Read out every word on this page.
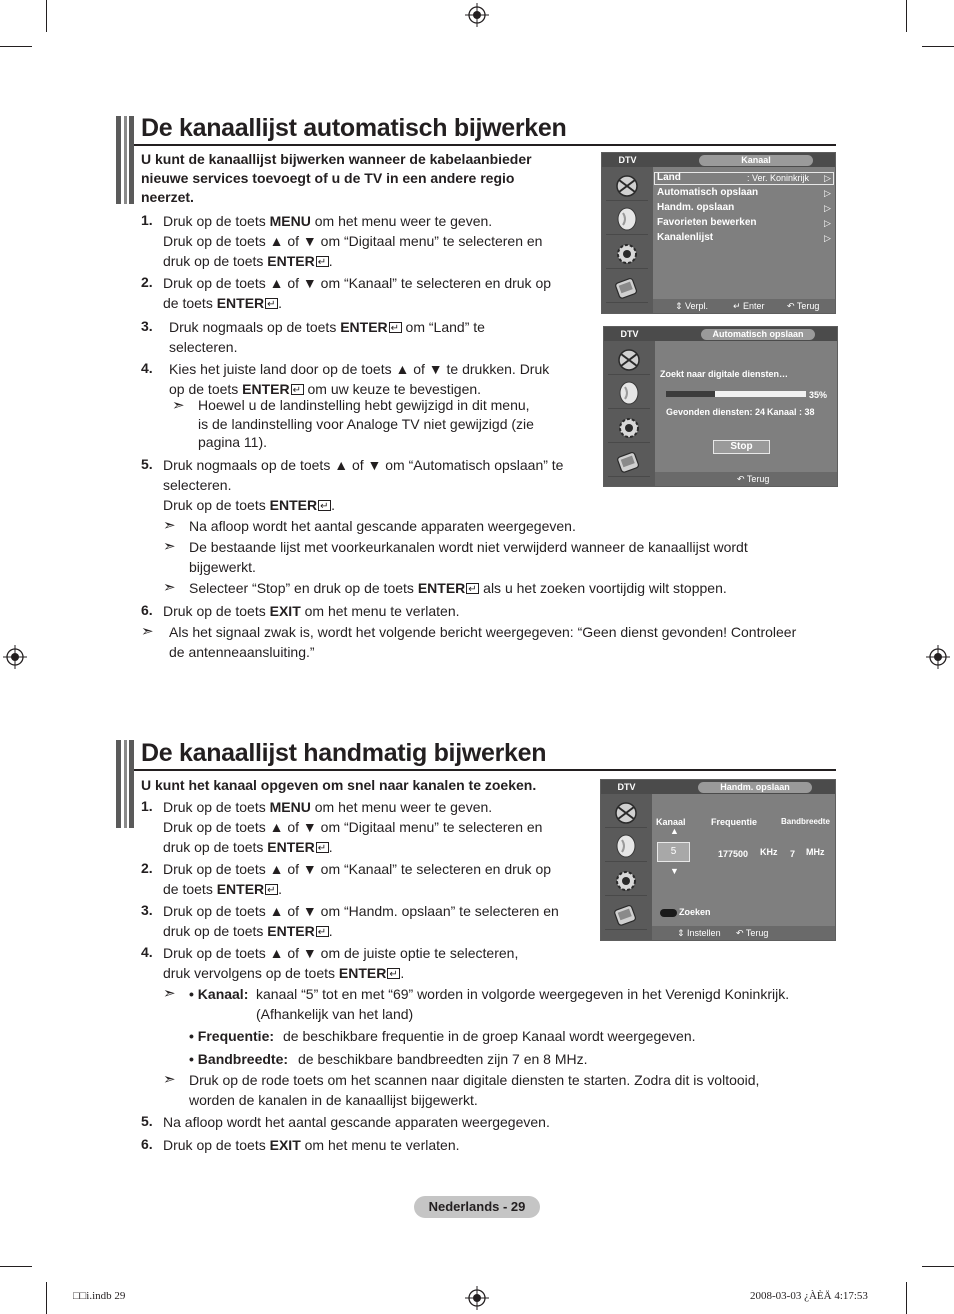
De kanaallijst automatisch bijwerken
U kunt de kanaallijst bijwerken wanneer de kabelaanbieder
nieuwe services toevoegt of u de TV in een andere regio
neerzet.
1. Druk op de toets MENU om het menu weer te geven.
Druk op de toets ▲ of ▼ om “Digitaal menu” te selecteren en
druk op de toets ENTER ↵ .
2. Druk op de toets ▲ of ▼ om “Kanaal” te selecteren en druk op
de toets ENTER ↵ .
3. Druk nogmaals op de toets ENTER↵ om “Land” te
selecteren.
4. Kies het juiste land door op de toets ▲ of ▼ te drukken. Druk
op de toets ENTER↵ om uw keuze te bevestigen.
5. Druk nogmaals op de toets ▲ of ▼ om “Automatisch opslaan” te
selecteren.
Druk op de toets ENTER ↵ .
6. Druk op de toets EXIT om het menu te verlaten.
➣ Hoewel u de landinstelling hebt gewijzigd in dit menu,
is de landinstelling voor Analoge TV niet gewijzigd (zie
pagina 11).
➣ Na afloop wordt het aantal gescande apparaten weergegeven.
➣ De bestaande lijst met voorkeurkanalen wordt niet verwijderd wanneer de kanaallijst wordt
bijgewerkt.
➣ Selecteer “Stop” en druk op de toets ENTER↵ als u het zoeken voortijdig wilt stoppen.
➣ Als het signaal zwak is, wordt het volgende bericht weergegeven: “Geen dienst gevonden! Controleer
de antenneaansluiting.”
DTV	Kanaal
Land	: Ver. Koninkrijk ▷
Automatisch opslaan	▷
Handm. opslaan	▷
Favorieten bewerken	▷
Kanalenlijst	▷
⇕ Verpl.	↵ Enter ↶ Terug
DTV	Automatisch opslaan
Zoekt naar digitale diensten…
35%
Gevonden diensten: 24 Kanaal : 38
Stop
↶ Terug
De kanaallijst handmatig bijwerken
U kunt het kanaal opgeven om snel naar kanalen te zoeken.
1. Druk op de toets MENU om het menu weer te geven.
Druk op de toets ▲ of ▼ om “Digitaal menu” te selecteren en
druk op de toets ENTER ↵ .
2. Druk op de toets ▲ of ▼ om “Kanaal” te selecteren en druk op
de toets ENTER ↵ .
3. Druk op de toets ▲ of ▼ om “Handm. opslaan” te selecteren en
druk op de toets ENTER ↵ .
4. Druk op de toets ▲ of ▼ om de juiste optie te selecteren,
druk vervolgens op de toets ENTER ↵ .
5. Na afloop wordt het aantal gescande apparaten weergegeven.
6. Druk op de toets EXIT om het menu te verlaten.
➣ • Kanaal: kanaal “5” tot en met “69” worden in volgorde weergegeven in het Verenigd Koninkrijk.
(Afhankelijk van het land)
• Frequentie: de beschikbare frequentie in de groep Kanaal wordt weergegeven.
• Bandbreedte: de beschikbare bandbreedten zijn 7 en 8 MHz.
➣ Druk op de rode toets om het scannen naar digitale diensten te starten. Zodra dit is voltooid,
worden de kanalen in de kanaallijst bijgewerkt.
DTV	Handm. opslaan
Kanaal	Frequentie	Bandbreedte
▲
5
▼
177500 KHz 7 MHz
Zoeken
⇕ Instellen ↶ Terug
Nederlands - 29
□□i.indb 29	2008-03-03 ¿ÀÈÄ 4:17:53
